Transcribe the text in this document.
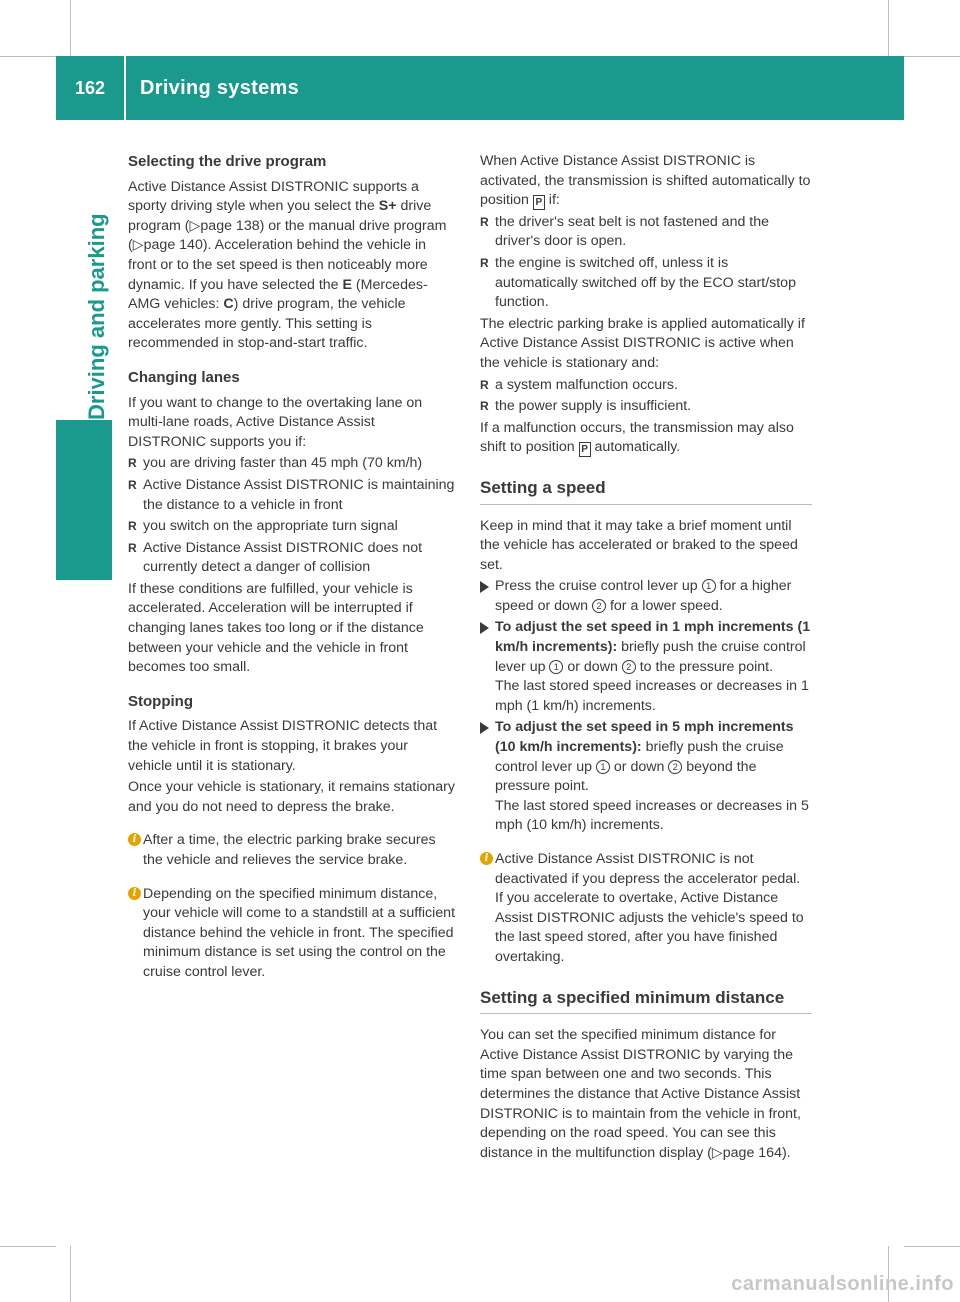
162	Driving systems
Driving and parking
Selecting the drive program

Active Distance Assist DISTRONIC supports a sporty driving style when you select the S+ drive program (▷page 138) or the manual drive program (▷page 140). Acceleration behind the vehicle in front or to the set speed is then noticeably more dynamic. If you have selected the E (Mercedes-AMG vehicles: C) drive program, the vehicle accelerates more gently. This setting is recommended in stop-and-start traffic.

Changing lanes

If you want to change to the overtaking lane on multi-lane roads, Active Distance Assist DISTRONIC supports you if:

R you are driving faster than 45 mph (70 km/h)
R Active Distance Assist DISTRONIC is maintaining the distance to a vehicle in front
R you switch on the appropriate turn signal
R Active Distance Assist DISTRONIC does not currently detect a danger of collision

If these conditions are fulfilled, your vehicle is accelerated. Acceleration will be interrupted if changing lanes takes too long or if the distance between your vehicle and the vehicle in front becomes too small.

Stopping

If Active Distance Assist DISTRONIC detects that the vehicle in front is stopping, it brakes your vehicle until it is stationary.

Once your vehicle is stationary, it remains stationary and you do not need to depress the brake.

i After a time, the electric parking brake secures the vehicle and relieves the service brake.
i Depending on the specified minimum distance, your vehicle will come to a standstill at a sufficient distance behind the vehicle in front. The specified minimum distance is set using the control on the cruise control lever.

When Active Distance Assist DISTRONIC is activated, the transmission is shifted automatically to position P if:

R the driver's seat belt is not fastened and the driver's door is open.
R the engine is switched off, unless it is automatically switched off by the ECO start/stop function.

The electric parking brake is applied automatically if Active Distance Assist DISTRONIC is active when the vehicle is stationary and:

R a system malfunction occurs.
R the power supply is insufficient.

If a malfunction occurs, the transmission may also shift to position P automatically.

Setting a speed

Keep in mind that it may take a brief moment until the vehicle has accelerated or braked to the speed set.

Press the cruise control lever up 1 for a higher speed or down 2 for a lower speed.
To adjust the set speed in 1 mph increments (1 km/h increments): briefly push the cruise control lever up 1 or down 2 to the pressure point.
The last stored speed increases or decreases in 1 mph (1 km/h) increments.
To adjust the set speed in 5 mph increments (10 km/h increments): briefly push the cruise control lever up 1 or down 2 beyond the pressure point.
The last stored speed increases or decreases in 5 mph (10 km/h) increments.
i Active Distance Assist DISTRONIC is not deactivated if you depress the accelerator pedal. If you accelerate to overtake, Active Distance Assist DISTRONIC adjusts the vehicle's speed to the last speed stored, after you have finished overtaking.
Setting a specified minimum distance

You can set the specified minimum distance for Active Distance Assist DISTRONIC by varying the time span between one and two seconds. This determines the distance that Active Distance Assist DISTRONIC is to maintain from the vehicle in front, depending on the road speed. You can see this distance in the multifunction display (▷page 164).

carmanualsonline.info
